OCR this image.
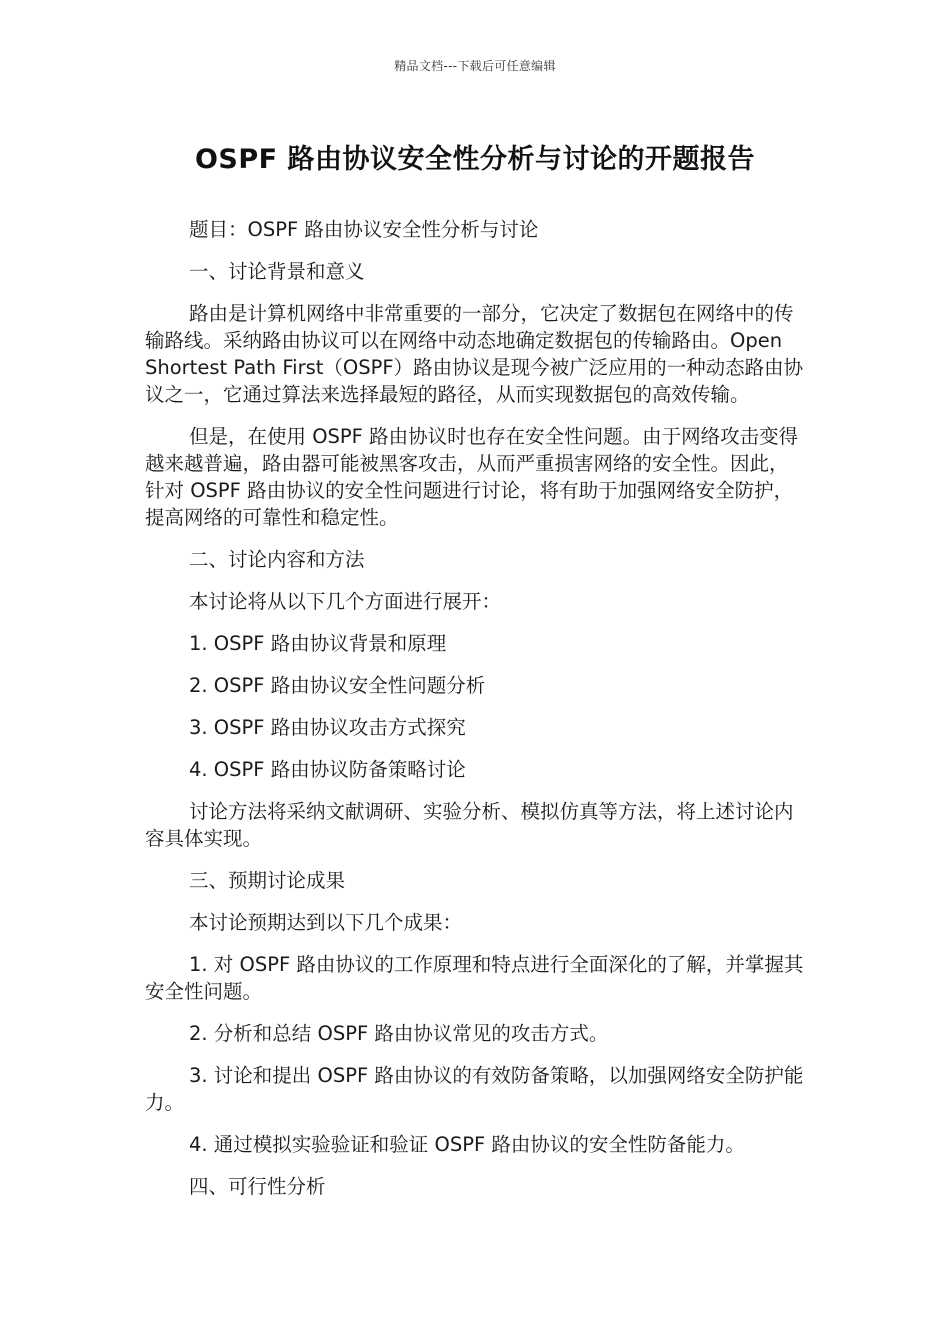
精品文档---下载后可任意编辑
OSPF 路由协议安全性分析与讨论的开题报告

题目：OSPF 路由协议安全性分析与讨论

一、讨论背景和意义

路由是计算机网络中非常重要的一部分，它决定了数据包在网络中的传输路线。采纳路由协议可以在网络中动态地确定数据包的传输路由。Open Shortest Path First（OSPF）路由协议是现今被广泛应用的一种动态路由协议之一，它通过算法来选择最短的路径，从而实现数据包的高效传输。

但是，在使用 OSPF 路由协议时也存在安全性问题。由于网络攻击变得越来越普遍，路由器可能被黑客攻击，从而严重损害网络的安全性。因此，针对 OSPF 路由协议的安全性问题进行讨论，将有助于加强网络安全防护，提高网络的可靠性和稳定性。

二、讨论内容和方法

本讨论将从以下几个方面进行展开：

1. OSPF 路由协议背景和原理

2. OSPF 路由协议安全性问题分析

3. OSPF 路由协议攻击方式探究

4. OSPF 路由协议防备策略讨论

讨论方法将采纳文献调研、实验分析、模拟仿真等方法，将上述讨论内容具体实现。

三、预期讨论成果

本讨论预期达到以下几个成果：

1. 对 OSPF 路由协议的工作原理和特点进行全面深化的了解，并掌握其安全性问题。

2. 分析和总结 OSPF 路由协议常见的攻击方式。

3. 讨论和提出 OSPF 路由协议的有效防备策略，以加强网络安全防护能力。

4. 通过模拟实验验证和验证 OSPF 路由协议的安全性防备能力。

四、可行性分析
